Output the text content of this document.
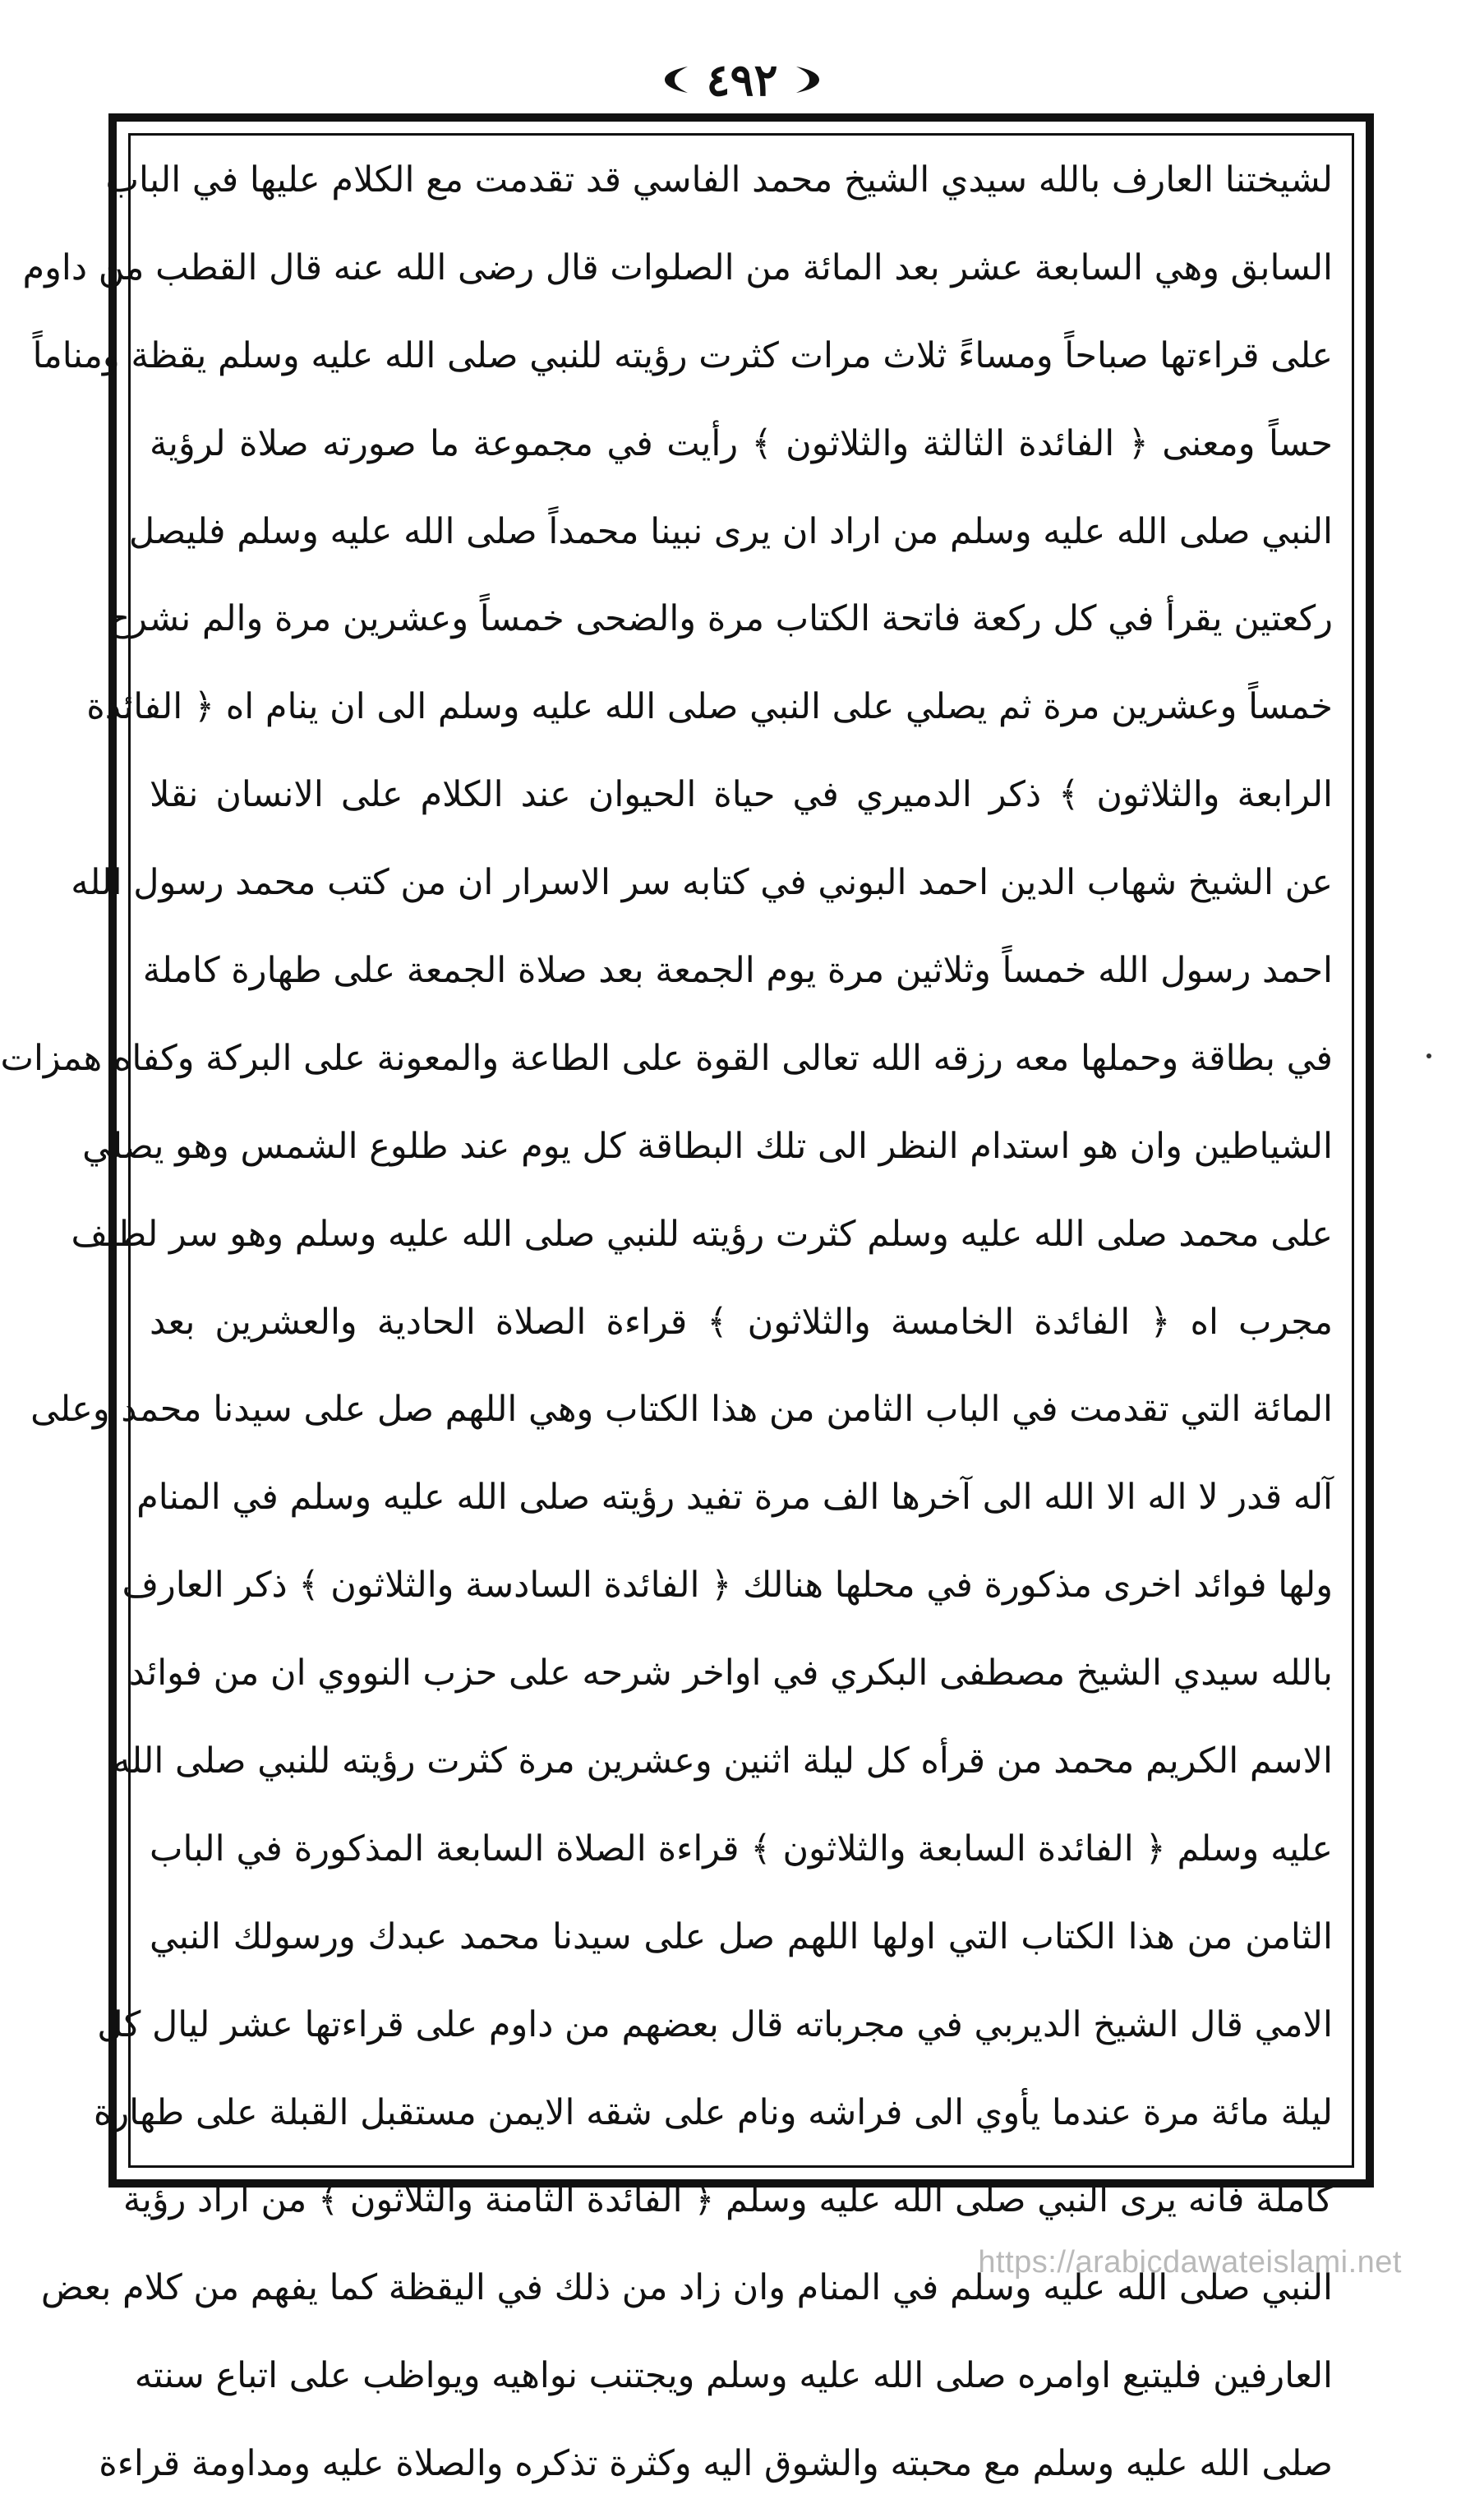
٤٩٢
لشيختنا العارف بالله سيدي الشيخ محمد الفاسي قد تقدمت مع الكلام عليها في الباب
السابق وهي السابعة عشر بعد المائة من الصلوات قال رضى الله عنه قال القطب من داوم
على قراءتها صباحاً ومساءً ثلاث مرات كثرت رؤيته للنبي صلى الله عليه وسلم يقظة ومناماً
حساً ومعنى ﴿ الفائدة الثالثة والثلاثون ﴾ رأيت في مجموعة ما صورته صلاة لرؤية
النبي صلى الله عليه وسلم من اراد ان يرى نبينا محمداً صلى الله عليه وسلم فليصل
ركعتين يقرأ في كل ركعة فاتحة الكتاب مرة والضحى خمساً وعشرين مرة والم نشرح
خمساً وعشرين مرة ثم يصلي على النبي صلى الله عليه وسلم الى ان ينام اه ﴿ الفائدة
الرابعة والثلاثون ﴾ ذكر الدميري في حياة الحيوان عند الكلام على الانسان نقلا
عن الشيخ شهاب الدين احمد البوني في كتابه سر الاسرار ان من كتب محمد رسول الله
احمد رسول الله خمساً وثلاثين مرة يوم الجمعة بعد صلاة الجمعة على طهارة كاملة
في بطاقة وحملها معه رزقه الله تعالى القوة على الطاعة والمعونة على البركة وكفاه همزات
الشياطين وان هو استدام النظر الى تلك البطاقة كل يوم عند طلوع الشمس وهو يصلي
على محمد صلى الله عليه وسلم كثرت رؤيته للنبي صلى الله عليه وسلم وهو سر لطيف
مجرب اه ﴿ الفائدة الخامسة والثلاثون ﴾ قراءة الصلاة الحادية والعشرين بعد
المائة التي تقدمت في الباب الثامن من هذا الكتاب وهي اللهم صل على سيدنا محمد وعلى
آله قدر لا اله الا الله الى آخرها الف مرة تفيد رؤيته صلى الله عليه وسلم في المنام
ولها فوائد اخرى مذكورة في محلها هنالك ﴿ الفائدة السادسة والثلاثون ﴾ ذكر العارف
بالله سيدي الشيخ مصطفى البكري في اواخر شرحه على حزب النووي ان من فوائد
الاسم الكريم محمد من قرأه كل ليلة اثنين وعشرين مرة كثرت رؤيته للنبي صلى الله
عليه وسلم ﴿ الفائدة السابعة والثلاثون ﴾ قراءة الصلاة السابعة المذكورة في الباب
الثامن من هذا الكتاب التي اولها اللهم صل على سيدنا محمد عبدك ورسولك النبي
الامي قال الشيخ الديربي في مجرباته قال بعضهم من داوم على قراءتها عشر ليال كل
ليلة مائة مرة عندما يأوي الى فراشه ونام على شقه الايمن مستقبل القبلة على طهارة
كاملة فانه يرى النبي صلى الله عليه وسلم ﴿ الفائدة الثامنة والثلاثون ﴾ من اراد رؤية
النبي صلى الله عليه وسلم في المنام وان زاد من ذلك في اليقظة كما يفهم من كلام بعض
العارفين فليتبع اوامره صلى الله عليه وسلم ويجتنب نواهيه ويواظب على اتباع سنته
صلى الله عليه وسلم مع محبته والشوق اليه وكثرة تذكره والصلاة عليه ومداومة قراءة
https://arabicdawateislami.net
